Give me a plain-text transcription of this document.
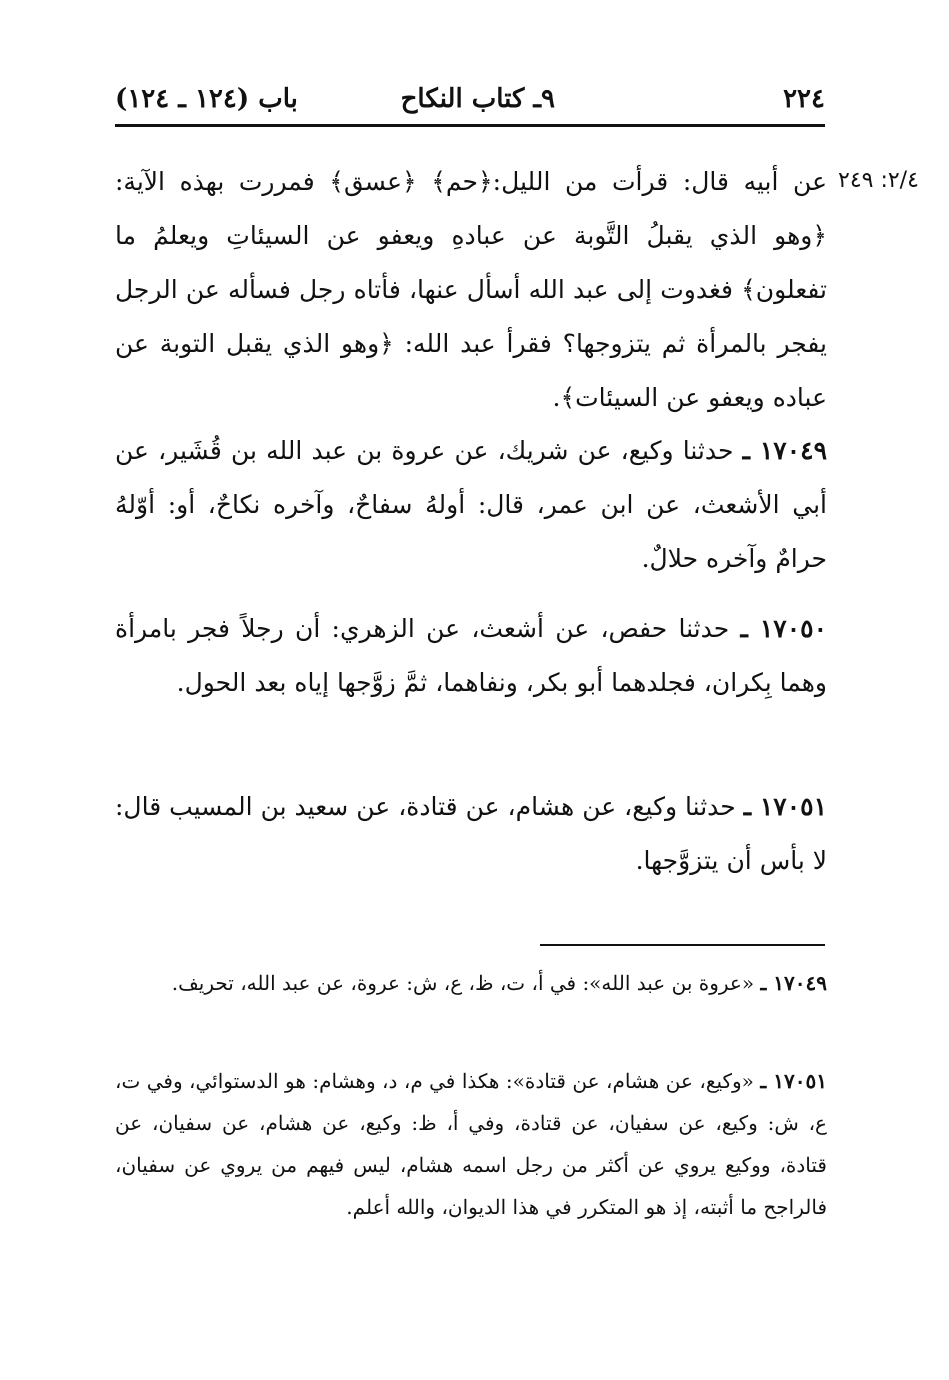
٢٢٤
٩ـ كتاب النكاح
باب (١٢٤ ـ ١٢٤)
٢/٤: ٢٤٩

عن أبيه قال: قرأت من الليل:﴿حم﴾ ﴿عسق﴾ فمررت بهذه الآية: ﴿وهو الذي يقبلُ التَّوبة عن عبادهِ ويعفو عن السيئاتِ ويعلمُ ما تفعلون﴾ فغدوت إلى عبد الله أسأل عنها، فأتاه رجل فسأله عن الرجل يفجر بالمرأة ثم يتزوجها؟ فقرأ عبد الله: ﴿وهو الذي يقبل التوبة عن عباده ويعفو عن السيئات﴾.

١٧٠٤٩ ـ حدثنا وكيع، عن شريك، عن عروة بن عبد الله بن قُشَير، عن أبي الأشعث، عن ابن عمر، قال: أولهُ سفاحٌ، وآخره نكاحٌ، أو: أوّلهُ حرامٌ وآخره حلالٌ.

١٧٠٥٠ ـ حدثنا حفص، عن أشعث، عن الزهري: أن رجلاً فجر بامرأة وهما بِكران، فجلدهما أبو بكر، ونفاهما، ثمَّ زوَّجها إياه بعد الحول.

١٧٠٥١ ـ حدثنا وكيع، عن هشام، عن قتادة، عن سعيد بن المسيب قال: لا بأس أن يتزوَّجها.

١٧٠٤٩ ـ «عروة بن عبد الله»: في أ، ت، ظ، ع، ش: عروة، عن عبد الله، تحريف.

١٧٠٥١ ـ «وكيع، عن هشام، عن قتادة»: هكذا في م، د، وهشام: هو الدستوائي، وفي ت، ع، ش: وكيع، عن سفيان، عن قتادة، وفي أ، ظ: وكيع، عن هشام، عن سفيان، عن قتادة، ووكيع يروي عن أكثر من رجل اسمه هشام، ليس فيهم من يروي عن سفيان، فالراجح ما أثبته، إذ هو المتكرر في هذا الديوان، والله أعلم.
